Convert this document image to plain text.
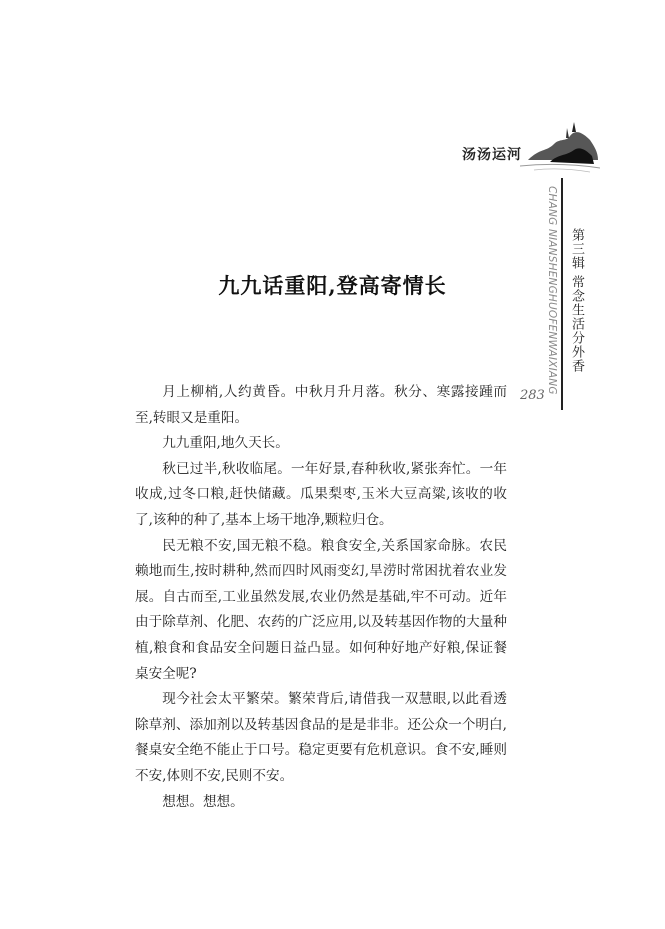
汤汤运河
CHANG NIANSHENGHUOFENWAIXIANG 第三辑 常念生活分外香
283
九九话重阳,登高寄情长

月上柳梢,人约黄昏。中秋月升月落。秋分、寒露接踵而至,转眼又是重阳。

九九重阳,地久天长。

秋已过半,秋收临尾。一年好景,春种秋收,紧张奔忙。一年收成,过冬口粮,赶快储藏。瓜果梨枣,玉米大豆高粱,该收的收了,该种的种了,基本上场干地净,颗粒归仓。

民无粮不安,国无粮不稳。粮食安全,关系国家命脉。农民赖地而生,按时耕种,然而四时风雨变幻,旱涝时常困扰着农业发展。自古而至,工业虽然发展,农业仍然是基础,牢不可动。近年由于除草剂、化肥、农药的广泛应用,以及转基因作物的大量种植,粮食和食品安全问题日益凸显。如何种好地产好粮,保证餐桌安全呢?

现今社会太平繁荣。繁荣背后,请借我一双慧眼,以此看透除草剂、添加剂以及转基因食品的是是非非。还公众一个明白,餐桌安全绝不能止于口号。稳定更要有危机意识。食不安,睡则不安,体则不安,民则不安。

想想。想想。
